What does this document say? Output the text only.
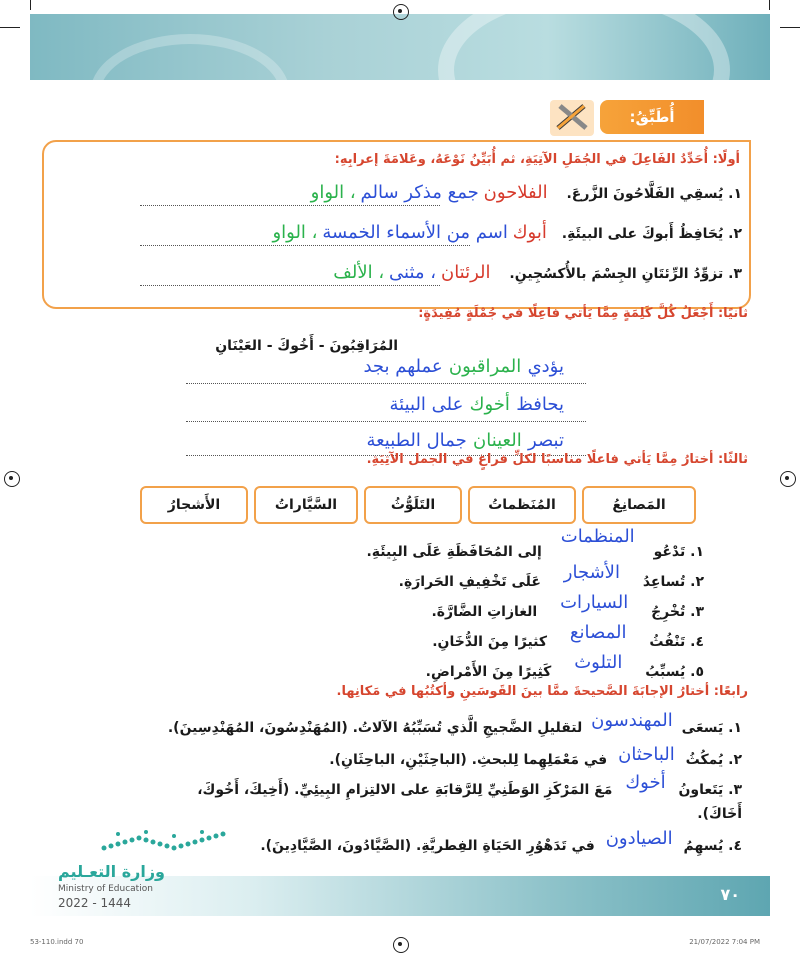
أُطَبِّقُ:
أولًا: أُحَدِّدُ الفَاعِلَ في الجُمَلِ الآتِيَةِ، ثم أُبَيِّنُ نَوْعَهُ، وعَلامَةَ إعرابِهِ:
١. يُسقِي الفَلَّاحُونَ الزَّرعَ. الفلاحون جمع مذكر سالم ، الواو
٢. يُحَافِظُ أَبوكَ على البيئَةِ. أبوك اسم من الأسماء الخمسة ، الواو
٣. تزوِّدُ الرِّئتَانِ الجِسْمَ بالأُكسُجِينِ. الرئتان ، مثنى ، الألف
ثانيًا: أَجْعَلُ كُلَّ كَلِمَةٍ مِمَّا يَأتي فاعِلًا في جُمْلَةٍ مُفِيدَةٍ:
المُرَاقِبُونَ - أَخُوكَ - العَيْنَانِ
يؤدي المراقبون عملهم بجد
يحافظ أخوك على البيئة
تبصر العينان جمال الطبيعة
ثالثًا: أختارُ مِمَّا يَأتي فاعلًا مناسبًا لكلِّ فراغٍ في الجمل الآتِيَةِ.
المَصانِعُ
المُنَظماتُ
التَلَوُّثُ
السَّيَّاراتُ
الأَشجارُ
١. تَدْعُو المنظمات إلى المُحَافَظَةِ عَلَى البِيئَةِ.
٢. تُساعِدُ الأشجار عَلَى تَخْفِيفِ الحَرارَةِ.
٣. تُخْرِجُ السيارات الغازاتِ الضَّارَّةَ.
٤. تَنْفُثُ المصانع كثيرًا مِنَ الدُّخَانِ.
٥. يُسبِّبُ التلوث كَثِيرًا مِنَ الأَمْراضِ.
رابعًا: أختارُ الإجابَةَ الصَّحيحةَ ممَّا بينَ القَوسَينِ وأكتُبُها في مَكانِها.
١. يَسعَى المهندسون لتقليلِ الضَّجيجِ الَّذي تُسَبِّبُهُ الآلاتُ. (المُهَنْدِسُونَ، المُهَنْدِسِينَ).
٢. يُمكُثُ الباحثان في مَعْمَلِهِما لِلبحثِ. (الباحِثَيْنِ، الباحِثَانِ).
٣. يَتَعاونُ أخوك مَعَ المَرْكَزِ الوَطَنِيِّ لِلرَّقابَةِ على الالتِزامِ البِيئِيِّ. (أَخِيكَ، أَخُوكَ،
أَخَاكَ).
٤. يُسهِمُ الصيادون في تَدَهْوُرِ الحَيَاةِ الفِطريَّةِ. (الصَّيَّادُونَ، الصَّيَّادِينَ).
وزارة التعـليم
Ministry of Education
2022 - 1444	٧٠
53-110.indd 70	21/07/2022 7:04 PM
